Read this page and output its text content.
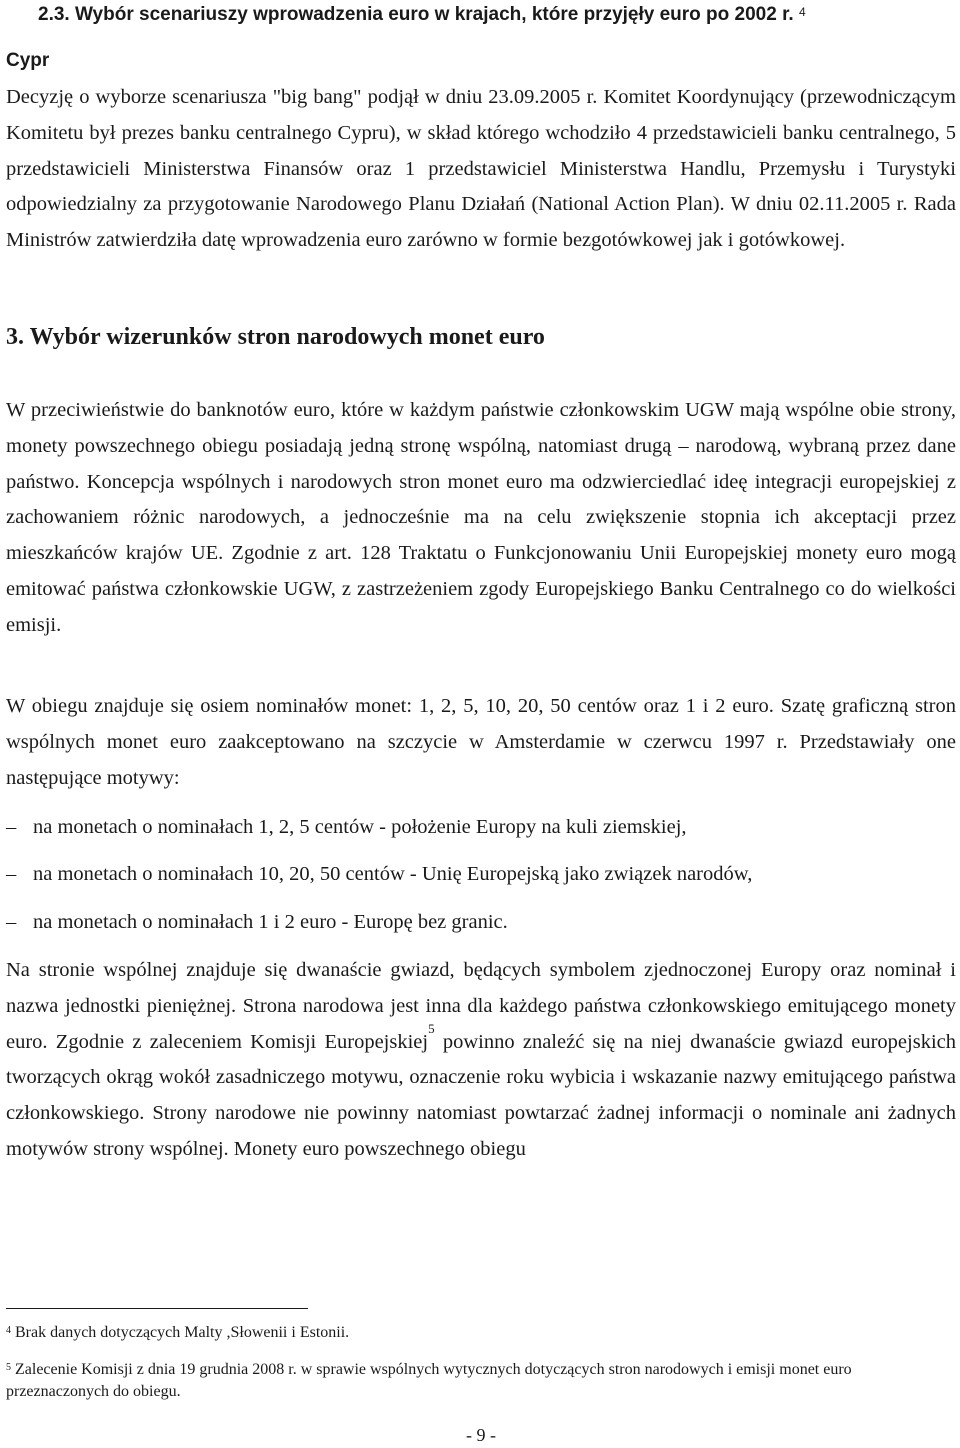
2.3. Wybór scenariuszy wprowadzenia euro w krajach, które przyjęły euro po 2002 r. $^4$
Cypr

Decyzję o wyborze scenariusza "big bang" podjął w dniu 23.09.2005 r. Komitet Koordynujący (przewodniczącym Komitetu był prezes banku centralnego Cypru), w skład którego wchodziło 4 przedstawicieli banku centralnego, 5 przedstawicieli Ministerstwa Finansów oraz 1 przedstawiciel Ministerstwa Handlu, Przemysłu i Turystyki odpowiedzialny za przygotowanie Narodowego Planu Działań (National Action Plan). W dniu 02.11.2005 r. Rada Ministrów zatwierdziła datę wprowadzenia euro zarówno w formie bezgotówkowej jak i gotówkowej.

3. Wybór wizerunków stron narodowych monet euro

W przeciwieństwie do banknotów euro, które w każdym państwie członkowskim UGW mają wspólne obie strony, monety powszechnego obiegu posiadają jedną stronę wspólną, natomiast drugą – narodową, wybraną przez dane państwo. Koncepcja wspólnych i narodowych stron monet euro ma odzwierciedlać ideę integracji europejskiej z zachowaniem różnic narodowych, a jednocześnie ma na celu zwiększenie stopnia ich akceptacji przez mieszkańców krajów UE. Zgodnie z art. 128 Traktatu o Funkcjonowaniu Unii Europejskiej monety euro mogą emitować państwa członkowskie UGW, z zastrzeżeniem zgody Europejskiego Banku Centralnego co do wielkości emisji.

W obiegu znajduje się osiem nominałów monet: 1, 2, 5, 10, 20, 50 centów oraz 1 i 2 euro. Szatę graficzną stron wspólnych monet euro zaakceptowano na szczycie w Amsterdamie w czerwcu 1997 r. Przedstawiały one następujące motywy:

– na monetach o nominałach 1, 2, 5 centów - położenie Europy na kuli ziemskiej,
– na monetach o nominałach 10, 20, 50 centów - Unię Europejską jako związek narodów,
– na monetach o nominałach 1 i 2 euro - Europę bez granic.

Na stronie wspólnej znajduje się dwanaście gwiazd, będących symbolem zjednoczonej Europy oraz nominał i nazwa jednostki pieniężnej. Strona narodowa jest inna dla każdego państwa członkowskiego emitującego monety euro. Zgodnie z zaleceniem Komisji Europejskiej$^5$ powinno znaleźć się na niej dwanaście gwiazd europejskich tworzących okrąg wokół zasadniczego motywu, oznaczenie roku wybicia i wskazanie nazwy emitującego państwa członkowskiego. Strony narodowe nie powinny natomiast powtarzać żadnej informacji o nominale ani żadnych motywów strony wspólnej. Monety euro powszechnego obiegu

$^4$ Brak danych dotyczących Malty ,Słowenii i Estonii.
$^5$ Zalecenie Komisji z dnia 19 grudnia 2008 r. w sprawie wspólnych wytycznych dotyczących stron narodowych i emisji monet euro przeznaczonych do obiegu.
- 9 -
